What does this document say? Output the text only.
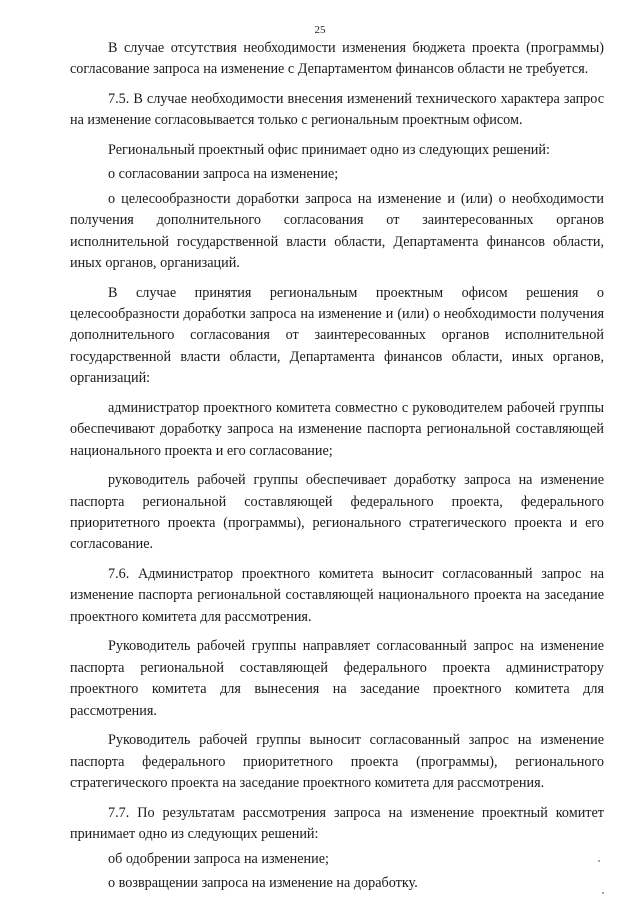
25

В случае отсутствия необходимости изменения бюджета проекта (программы) согласование запроса на изменение с Департаментом финансов области не требуется.

7.5. В случае необходимости внесения изменений технического характера запрос на изменение согласовывается только с региональным проектным офисом.

Региональный проектный офис принимает одно из следующих решений:

о согласовании запроса на изменение;

о целесообразности доработки запроса на изменение и (или) о необходимости получения дополнительного согласования от заинтересованных органов исполнительной государственной власти области, Департамента финансов области, иных органов, организаций.

В случае принятия региональным проектным офисом решения о целесообразности доработки запроса на изменение и (или) о необходимости получения дополнительного согласования от заинтересованных органов исполнительной государственной власти области, Департамента финансов области, иных органов, организаций:

администратор проектного комитета совместно с руководителем рабочей группы обеспечивают доработку запроса на изменение паспорта региональной составляющей национального проекта и его согласование;

руководитель рабочей группы обеспечивает доработку запроса на изменение паспорта региональной составляющей федерального проекта, федерального приоритетного проекта (программы), регионального стратегического проекта и его согласование.

7.6. Администратор проектного комитета выносит согласованный запрос на изменение паспорта региональной составляющей национального проекта на заседание проектного комитета для рассмотрения.

Руководитель рабочей группы направляет согласованный запрос на изменение паспорта региональной составляющей федерального проекта администратору проектного комитета для вынесения на заседание проектного комитета для рассмотрения.

Руководитель рабочей группы выносит согласованный запрос на изменение паспорта федерального приоритетного проекта (программы), регионального стратегического проекта на заседание проектного комитета для рассмотрения.

7.7. По результатам рассмотрения запроса на изменение проектный комитет принимает одно из следующих решений:

об одобрении запроса на изменение;

о возвращении запроса на изменение на доработку.
